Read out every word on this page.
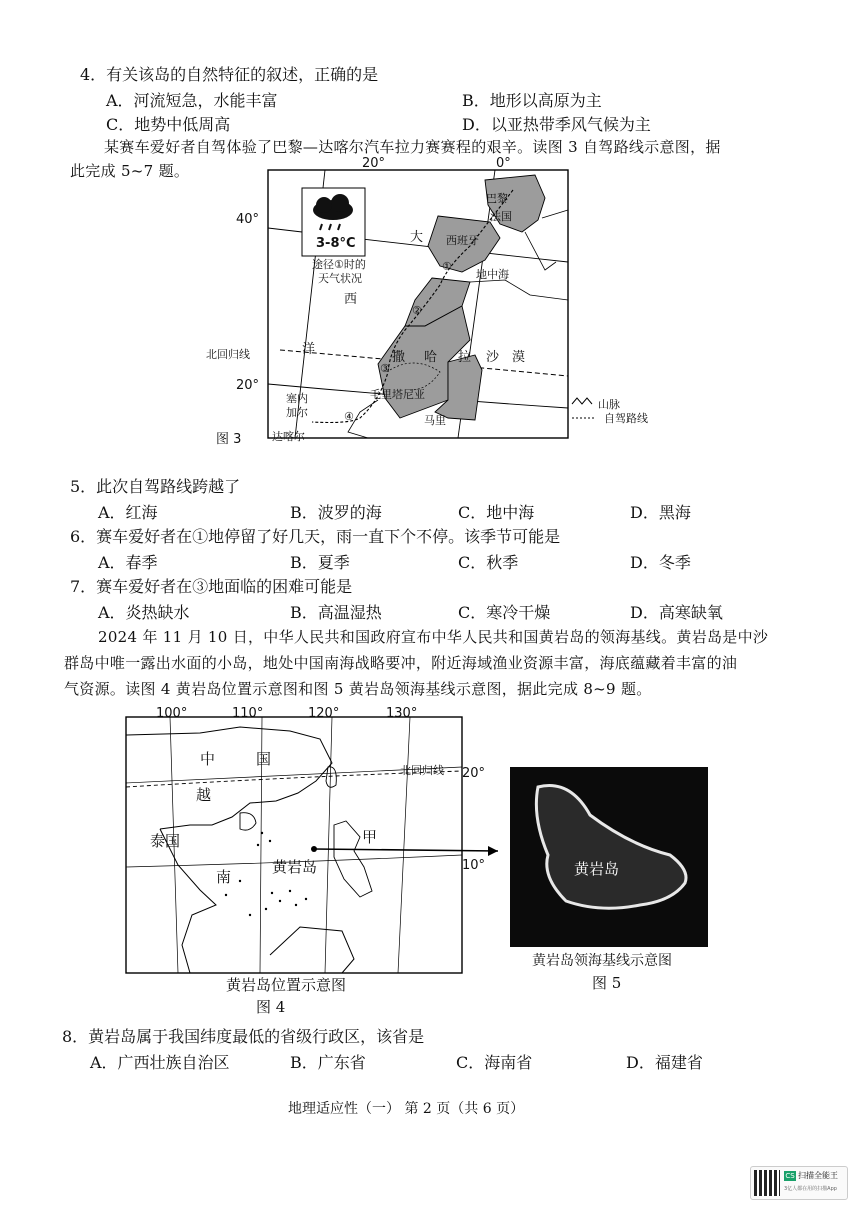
4．有关该岛的自然特征的叙述，正确的是
A．河流短急，水能丰富	B．地形以高原为主
C．地势中低周高	D．以亚热带季风气候为主
某赛车爱好者自驾体验了巴黎—达喀尔汽车拉力赛赛程的艰辛。读图 3 自驾路线示意图，据
此完成 5~7 题。	20°	0°
40°
20°
3-8°C
途径①时的
天气状况
大
西
洋
巴黎
法国
西班牙
地中海
北回归线	撒 哈 拉 沙 漠
毛里塔尼亚
马里
塞内
加尔
达喀尔
①
②
③
④
图 3
山脉
自驾路线
5．此次自驾路线跨越了
A．红海	B．波罗的海	C．地中海	D．黑海
6．赛车爱好者在①地停留了好几天，雨一直下个不停。该季节可能是
A．春季	B．夏季	C．秋季	D．冬季
7．赛车爱好者在③地面临的困难可能是
A．炎热缺水	B．高温湿热	C．寒冷干燥	D．高寒缺氧
2024 年 11 月 10 日，中华人民共和国政府宣布中华人民共和国黄岩岛的领海基线。黄岩岛是中沙
群岛中唯一露出水面的小岛，地处中国南海战略要冲，附近海域渔业资源丰富，海底蕴藏着丰富的油
气资源。读图 4 黄岩岛位置示意图和图 5 黄岩岛领海基线示意图，据此完成 8~9 题。
100°	110°	120°	130°
20°
10°
北回归线
中	国
越
泰国
南
甲
黄岩岛
黄岩岛位置示意图
图 4
黄岩岛
黄岩岛领海基线示意图
图 5
8．黄岩岛属于我国纬度最低的省级行政区，该省是
A．广西壮族自治区	B．广东省	C．海南省	D．福建省
地理适应性（一） 第 2 页（共 6 页）
CS 扫描全能王
3亿人都在用的扫描App
